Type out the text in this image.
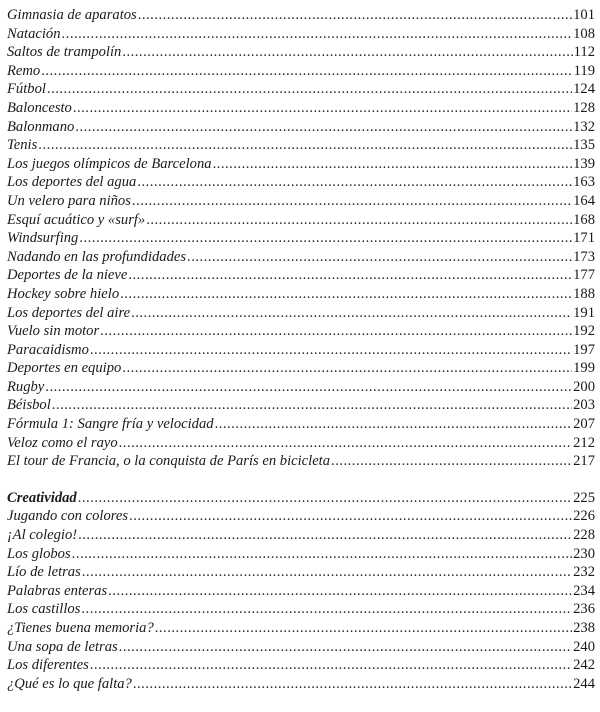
Gimnasia de aparatos .....	101
Natación .....	108
Saltos de trampolín .....	112
Remo .....	119
Fútbol .....	124
Baloncesto .....	128
Balonmano .....	132
Tenis .....	135
Los juegos olímpicos de Barcelona .....	139
Los deportes del agua .....	163
Un velero para niños .....	164
Esquí acuático y «surf» .....	168
Windsurfing .....	171
Nadando en las profundidades .....	173
Deportes de la nieve .....	177
Hockey sobre hielo .....	188
Los deportes del aire .....	191
Vuelo sin motor .....	192
Paracaidismo .....	197
Deportes en equipo .....	199
Rugby .....	200
Béisbol .....	203
Fórmula 1: Sangre fría y velocidad .....	207
Veloz como el rayo .....	212
El tour de Francia, o la conquista de París en bicicleta .....	217
Creatividad .....	225
Jugando con colores .....	226
¡Al colegio! .....	228
Los globos .....	230
Lío de letras .....	232
Palabras enteras .....	234
Los castillos .....	236
¿Tienes buena memoria? .....	238
Una sopa de letras .....	240
Los diferentes .....	242
¿Qué es lo que falta? .....	244
